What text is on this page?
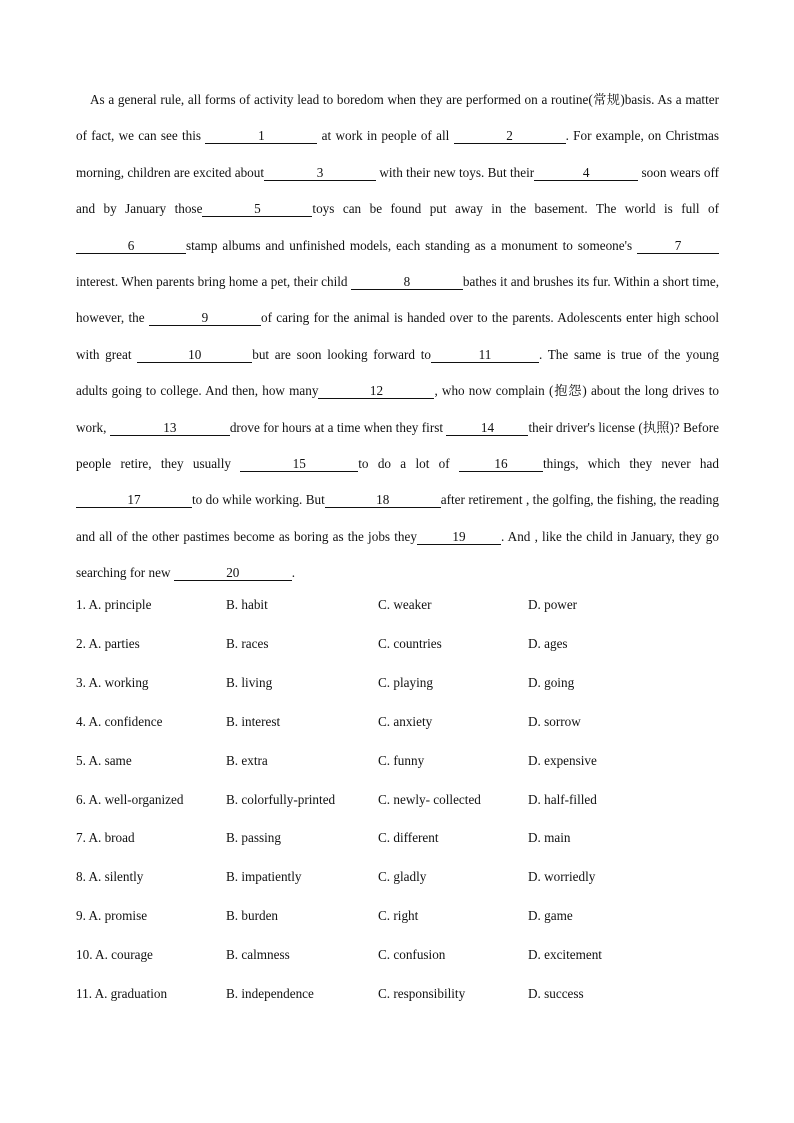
As a general rule, all forms of activity lead to boredom when they are performed on a routine(常规)basis. As a matter of fact, we can see this	1	at work in people of all	2	. For example, on Christmas morning, children are excited about	3	with their new toys. But their	4	soon wears off and by January those	5	toys can be found put away in the basement. The world is full of 6	stamp albums and unfinished models, each standing as a monument to someone's	7 interest. When parents bring home a pet, their child	8	bathes it and brushes its fur. Within a short time, however, the	9	of caring for the animal is handed over to the parents. Adolescents enter high school with great	10	but are soon looking forward to	11	. The same is true of the young adults going to college. And then, how many	12	, who now complain (抱怨) about the long drives to work,	13	drove for hours at a time when they first	14	their driver's license (执照)? Before people retire, they usually	15	to do a lot of	16	things, which they never had17	to do while working. But	18	after retirement , the golfing, the fishing, the reading and all of the other pastimes become as boring as the jobs they	19	. And , like the child in January, they go searching for new	20	.

1. A. principle	B. habit	C. weaker	D. power
2. A. parties	B. races	C. countries	D. ages
3. A. working	B. living	C. playing	D. going
4. A. confidence	B. interest	C. anxiety	D. sorrow
5. A. same	B. extra	C. funny	D. expensive
6. A. well-organized	B. colorfully-printed	C. newly- collected	D. half-filled
7. A. broad	B. passing	C. different	D. main
8. A. silently	B. impatiently	C. gladly	D. worriedly
9. A. promise	B. burden	C. right	D. game
10. A. courage	B. calmness	C. confusion	D. excitement
11. A. graduation	B. independence	C. responsibility	D. success
